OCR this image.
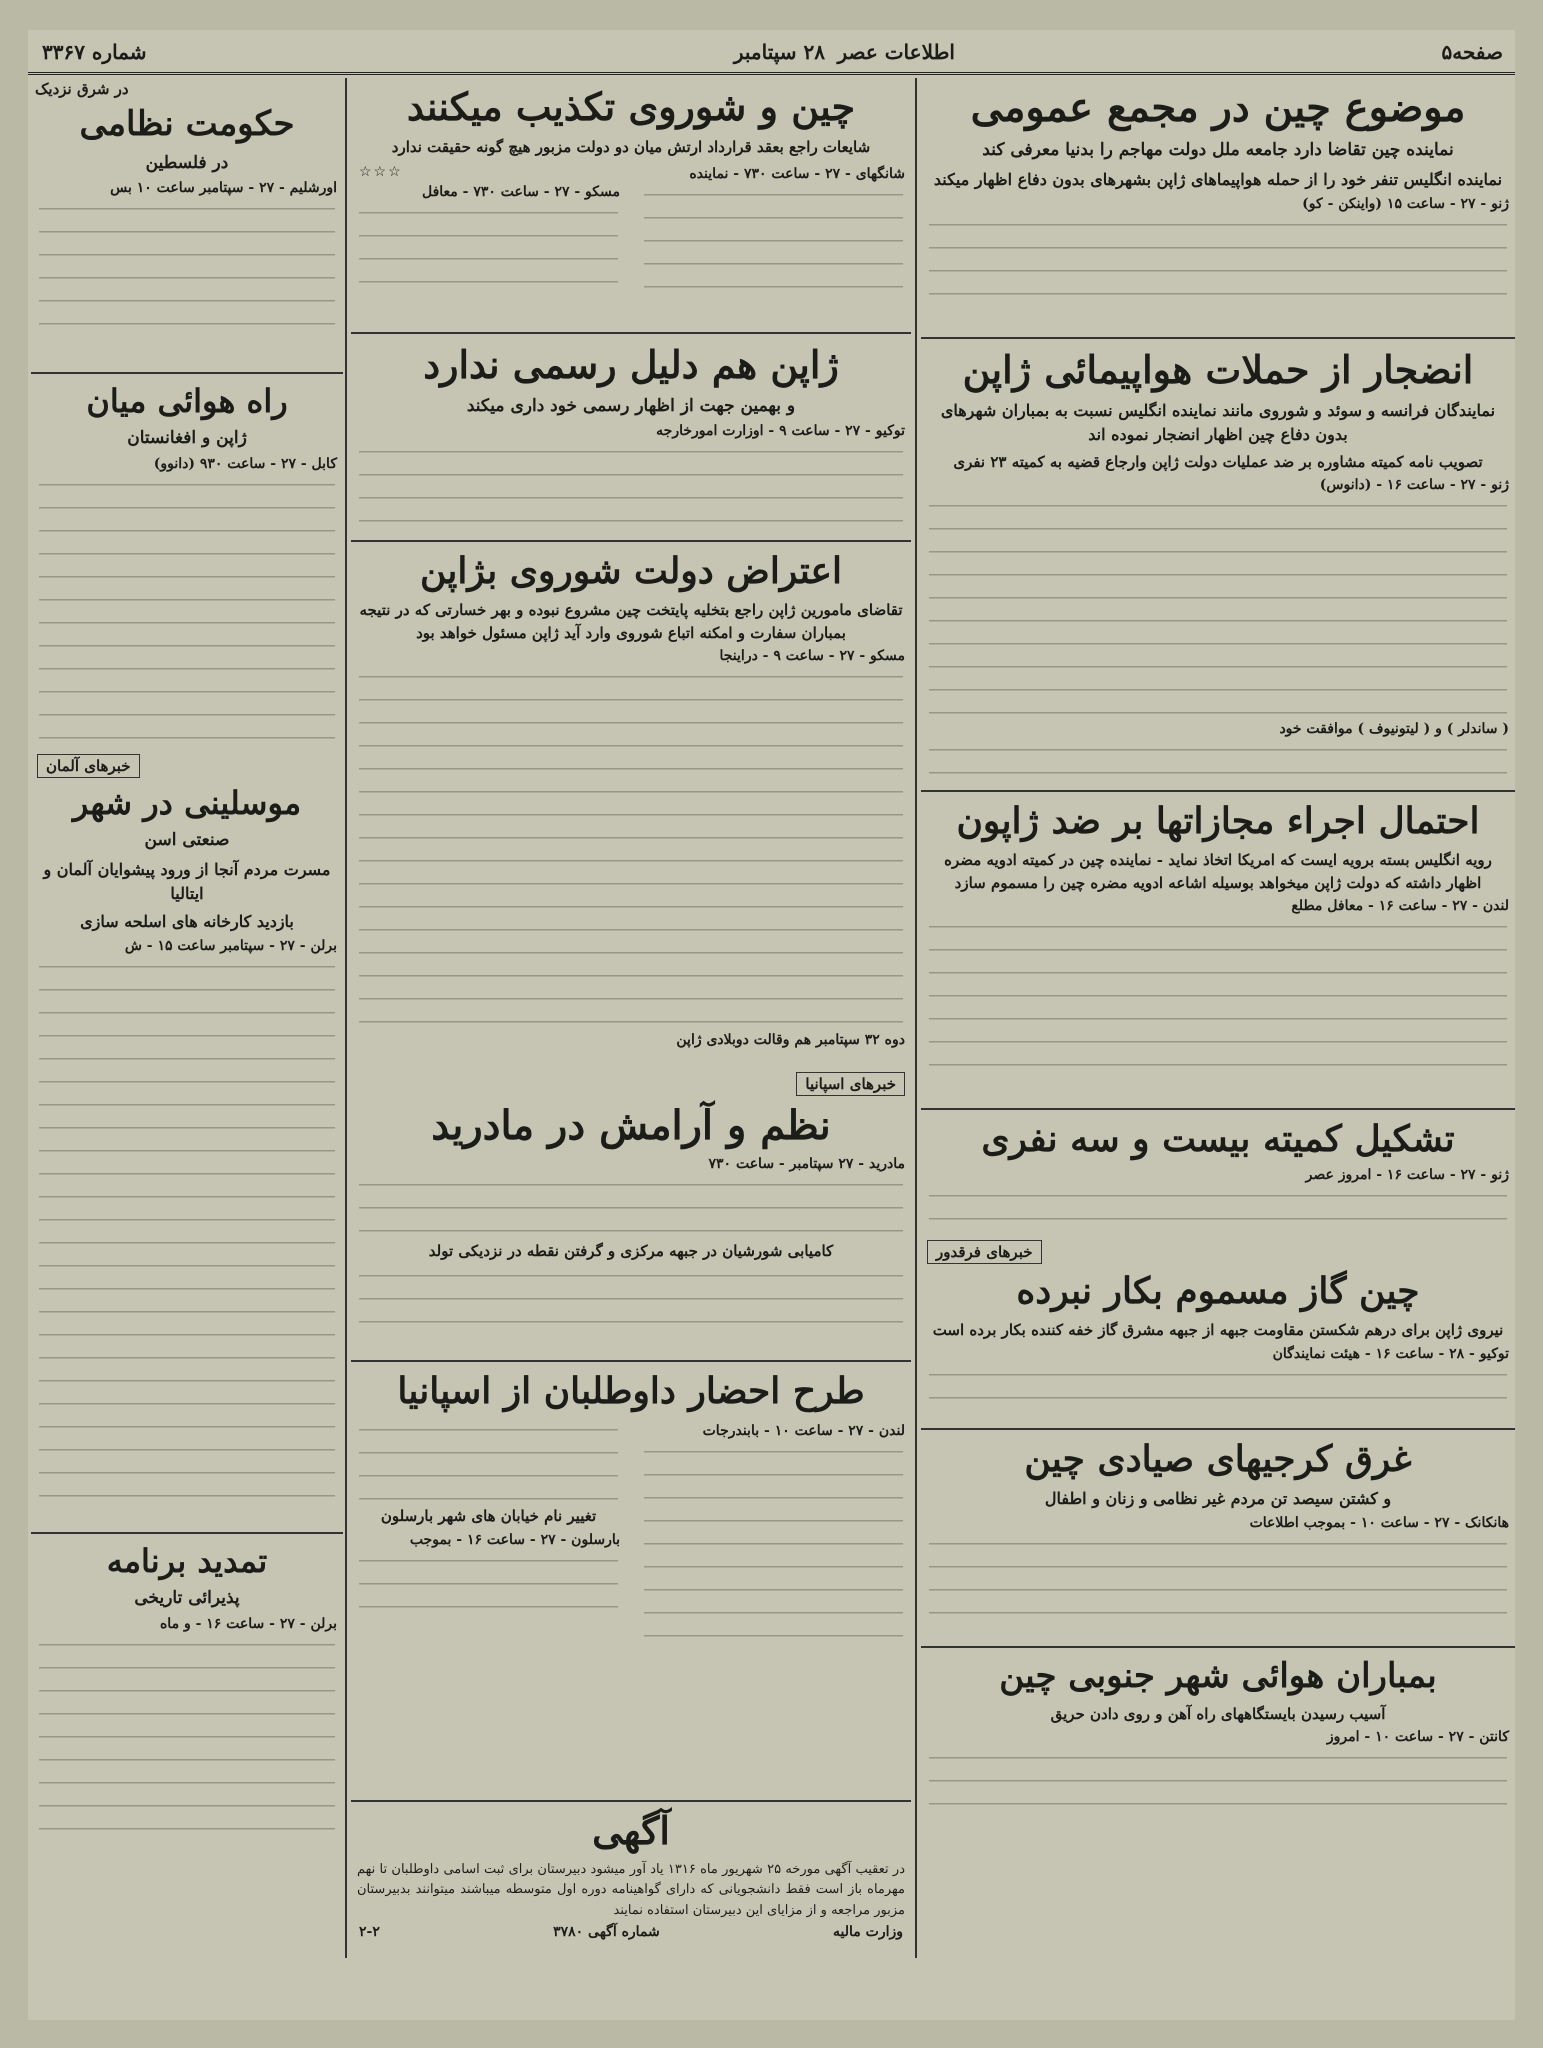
صفحه۵
اطلاعات عصر
۲۸ سپتامبر
شماره ۳۳۶۷
موضوع چین در مجمع عمومی
نماینده چین تقاضا دارد جامعه ملل دولت مهاجم را بدنیا معرفی کند
نماینده انگلیس تنفر خود را از حمله هواپیماهای ژاپن بشهرهای بدون دفاع اظهار میکند
ژنو - ۲۷ - ساعت ۱۵ (واینکن - کو)
انضجار از حملات هواپیمائی ژاپن
نمایندگان فرانسه و سوئد و شوروی مانند نماینده انگلیس نسبت به بمباران شهرهای بدون دفاع چین اظهار انضجار نموده اند
تصویب نامه کمیته مشاوره بر ضد عملیات دولت ژاپن وارجاع قضیه به کمیته ۲۳ نفری
ژنو - ۲۷ - ساعت ۱۶ - (دانوس)
( ساندلر ) و ( لیتونیوف ) موافقت خود
احتمال اجراء مجازاتها بر ضد ژاپون
رویه انگلیس بسته برویه ایست که امریکا اتخاذ نماید - نماینده چین در کمیته ادویه مضره اظهار داشته که دولت ژاپن میخواهد بوسیله اشاعه ادویه مضره چین را مسموم سازد
لندن - ۲۷ - ساعت ۱۶ - معافل مطلع
تشکیل کمیته بیست و سه نفری
ژنو - ۲۷ - ساعت ۱۶ - امروز عصر
خبرهای فرقدور
چین گاز مسموم بکار نبرده
نیروی ژاپن برای درهم شکستن مقاومت جبهه از جبهه مشرق گاز خفه کننده بکار برده است
توکیو - ۲۸ - ساعت ۱۶ - هیئت نمایندگان
غرق کرجیهای صیادی چین
و کشتن سیصد تن مردم غیر نظامی و زنان و اطفال
هانکانک - ۲۷ - ساعت ۱۰ - بموجب اطلاعات
بمباران هوائی شهر جنوبی چین
آسیب رسیدن بایستگاههای راه آهن و روی دادن حریق
کانتن - ۲۷ - ساعت ۱۰ - امروز
چین و شوروی تکذیب میکنند
شایعات راجع بعقد قرارداد ارتش میان دو دولت مزبور هیچ گونه حقیقت ندارد
شانگهای - ۲۷ - ساعت ۷۳۰ - نماینده
☆☆☆
مسکو - ۲۷ - ساعت ۷۳۰ - معافل
ژاپن هم دلیل رسمی ندارد
و بهمین جهت از اظهار رسمی خود داری میکند
توکیو - ۲۷ - ساعت ۹ - اوزارت امورخارجه
اعتراض دولت شوروی بژاپن
تقاضای مامورین ژاپن راجع بتخلیه پایتخت چین مشروع نبوده و بهر خسارتی که در نتیجه بمباران سفارت و امکنه اتباع شوروی وارد آید ژاپن مسئول خواهد بود
مسکو - ۲۷ - ساعت ۹ - دراینجا
دوه ۳۲ سپتامبر هم وقالت دوبلادی ژاپن
خبرهای اسپانیا
نظم و آرامش در مادرید
مادرید - ۲۷ سپتامبر - ساعت ۷۳۰
کامیابی شورشیان در جبهه مرکزی و گرفتن نقطه در نزدیکی تولد
طرح احضار داوطلبان از اسپانیا
لندن - ۲۷ - ساعت ۱۰ - بابندرجات
تغییر نام خیابان های شهر بارسلون
بارسلون - ۲۷ - ساعت ۱۶ - بموجب
در شرق نزدیک
حکومت نظامی
در فلسطین
اورشلیم - ۲۷ - سپتامبر ساعت ۱۰ بس
راه هوائی میان
ژاپن و افغانستان
کابل - ۲۷ - ساعت ۹۳۰ (دانوو)
خبرهای آلمان
موسلینی در شهر
صنعتی اسن
مسرت مردم آنجا از ورود پیشوایان آلمان و ایتالیا
بازدید کارخانه های اسلحه سازی
برلن - ۲۷ - سپتامبر ساعت ۱۵ - ش
تمدید برنامه
پذیرائی تاریخی
برلن - ۲۷ - ساعت ۱۶ - و ماه
آگهی
در تعقیب آگهی مورخه ۲۵ شهریور ماه ۱۳۱۶ یاد آور میشود دبیرستان برای ثبت اسامی داوطلبان تا نهم مهرماه باز است فقط دانشجویانی که دارای گواهینامه دوره اول متوسطه میباشند میتوانند بدبیرستان مزبور مراجعه و از مزایای این دبیرستان استفاده نمایند
وزارت مالیه
شماره آگهی ۳۷۸۰
۲-۲
